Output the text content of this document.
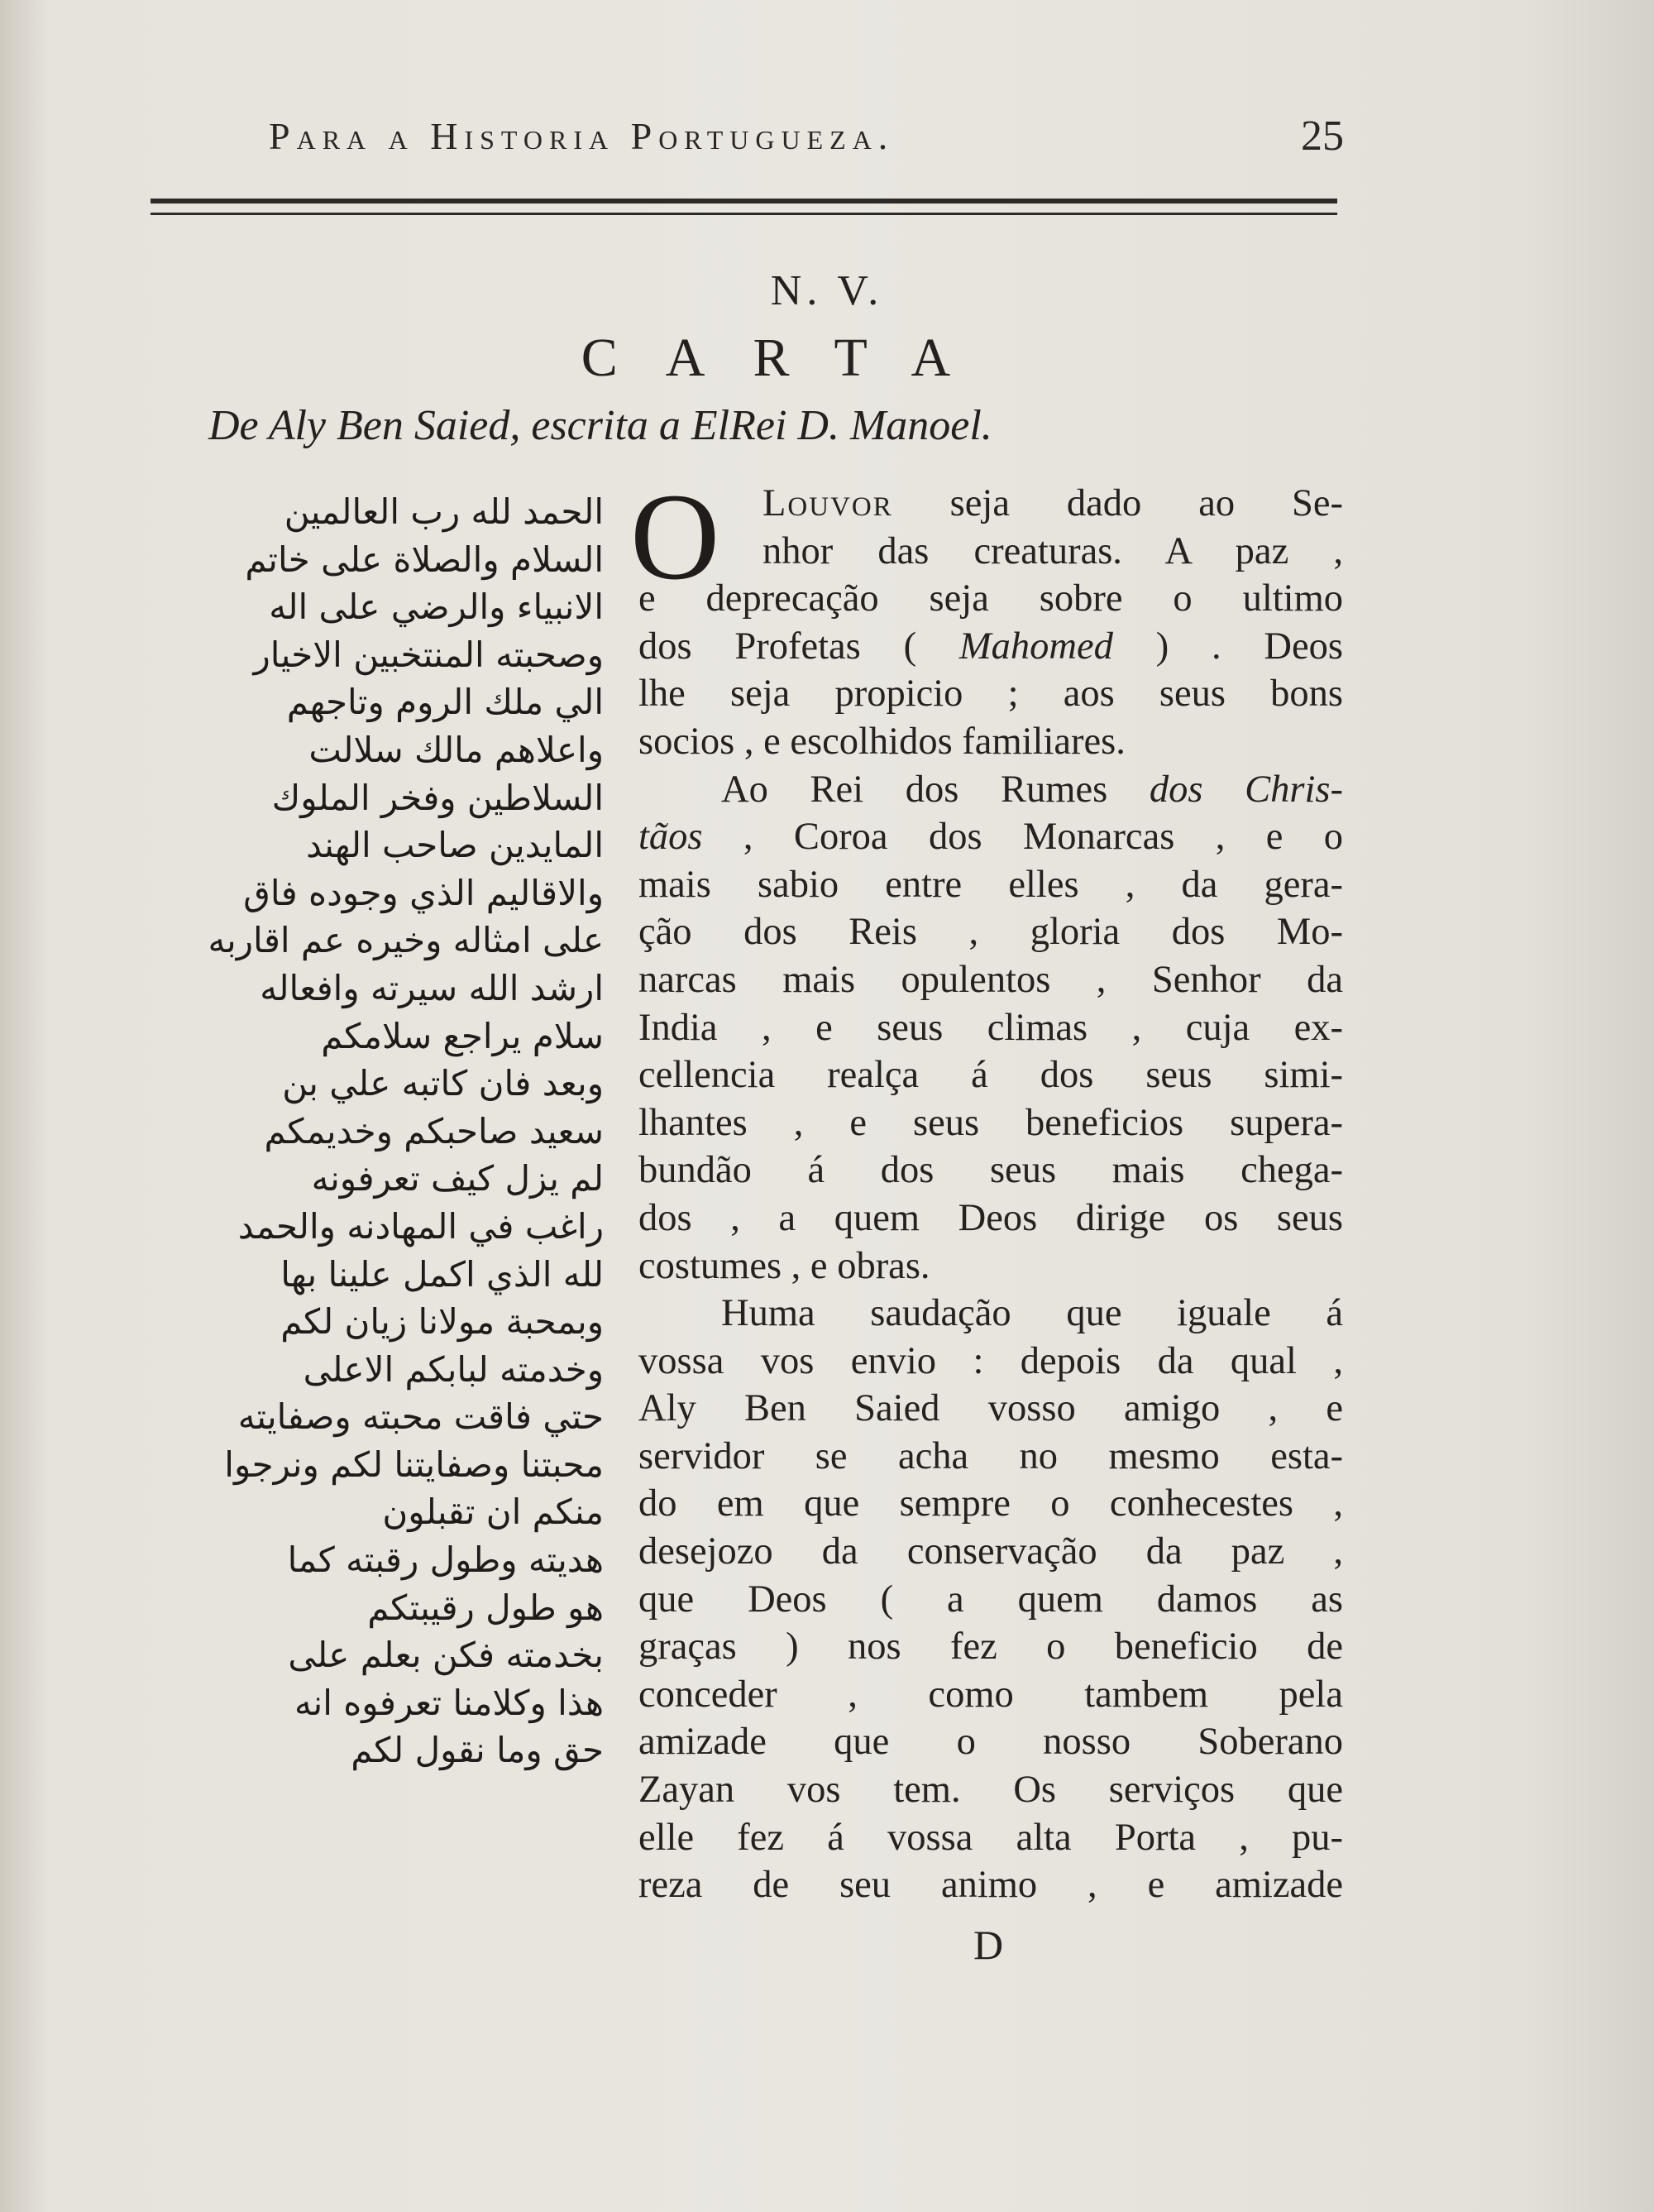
Para a Historia Portugueza.	25
N. V.
CARTA
De Aly Ben Saied, escrita a ElRei D. Manoel.
الحمد لله رب العالمين
السلام والصلاة على خاتم
الانبياء والرضي على اله
وصحبته المنتخبين الاخيار
الي ملك الروم وتاجهم
واعلاهم مالك سلالت
السلاطين وفخر الملوك
المايدين صاحب الهند
والاقاليم الذي وجوده فاق
على امثاله وخيره عم اقاربه
ارشد الله سيرته وافعاله
سلام يراجع سلامكم
وبعد فان كاتبه علي بن
سعيد صاحبكم وخديمكم
لم يزل كيف تعرفونه
راغب في المهادنه والحمد
لله الذي اكمل علينا بها
وبمحبة مولانا زيان لكم
وخدمته لبابكم الاعلى
حتي فاقت محبته وصفايته
محبتنا وصفايتنا لكم ونرجوا
منكم ان تقبلون
هديته وطول رقبته كما
هو طول رقيبتكم
بخدمته فكن بعلم على
هذا وكلامنا تعرفوه انه
حق وما نقول لكم
O	Louvor seja dado ao Se-
nhor das creaturas. A paz ,
e deprecação seja sobre o ultimo
dos Profetas ( Mahomed ) . Deos
lhe seja propicio ; aos seus bons
socios , e escolhidos familiares.
Ao Rei dos Rumes dos Chris-
tãos , Coroa dos Monarcas , e o
mais sabio entre elles , da gera-
ção dos Reis , gloria dos Mo-
narcas mais opulentos , Senhor da
India , e seus climas , cuja ex-
cellencia realça á dos seus simi-
lhantes , e seus beneficios supera-
bundão á dos seus mais chega-
dos , a quem Deos dirige os seus
costumes , e obras.
Huma saudação que iguale á
vossa vos envio : depois da qual ,
Aly Ben Saied vosso amigo , e
servidor se acha no mesmo esta-
do em que sempre o conhecestes ,
desejozo da conservação da paz ,
que Deos ( a quem damos as
graças ) nos fez o beneficio de
conceder , como tambem pela
amizade que o nosso Soberano
Zayan vos tem. Os serviços que
elle fez á vossa alta Porta , pu-
reza de seu animo , e amizade
D
